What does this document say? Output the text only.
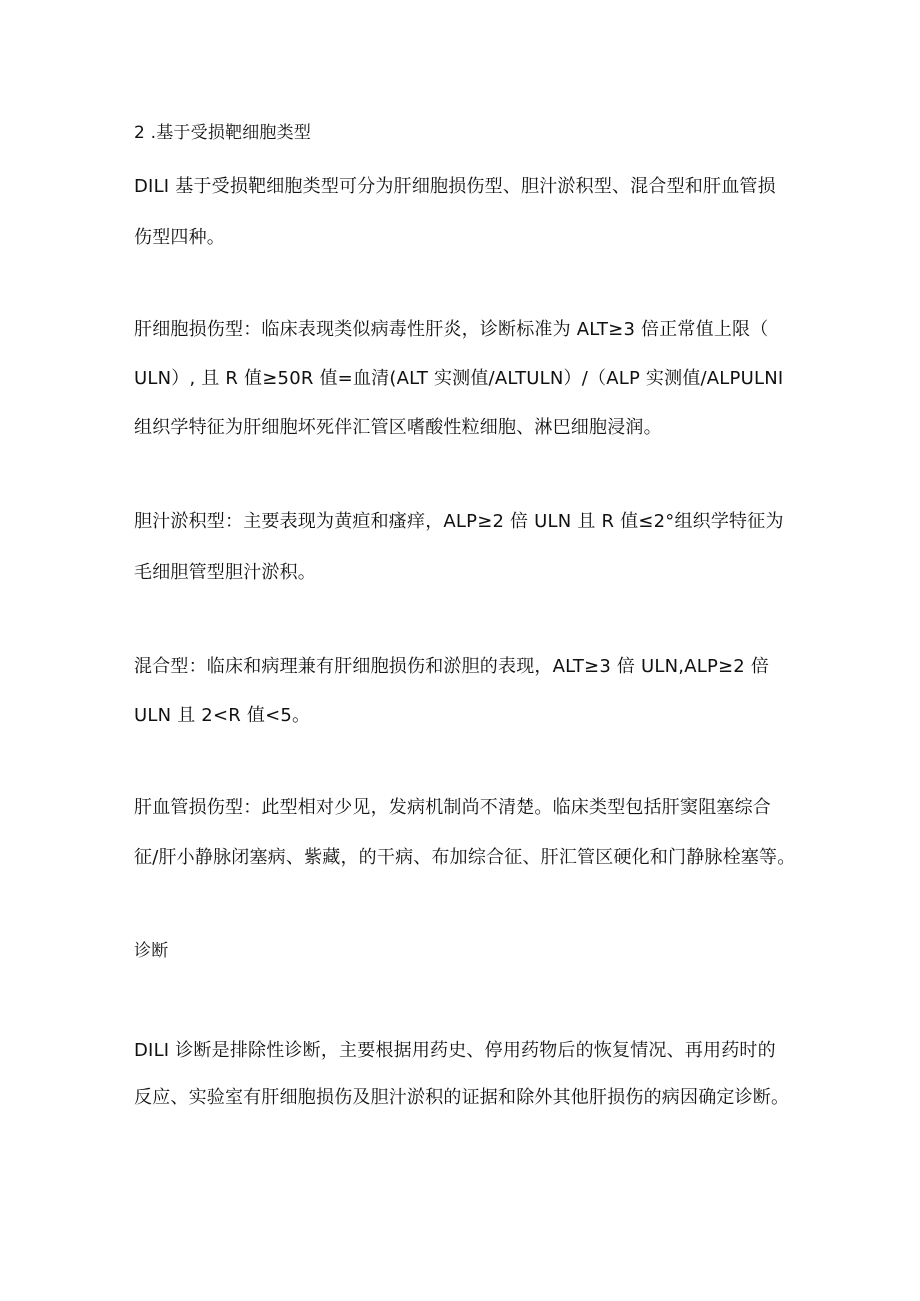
2 .基于受损靶细胞类型
DILI 基于受损靶细胞类型可分为肝细胞损伤型、胆汁淤积型、混合型和肝血管损
伤型四种。
肝细胞损伤型：临床表现类似病毒性肝炎，诊断标准为 ALT≥3 倍正常值上限（
ULN）, 且 R 值≥50R 值=血清(ALT 实测值/ALTULN）/（ALP 实测值/ALPULNI
组织学特征为肝细胞坏死伴汇管区嗜酸性粒细胞、淋巴细胞浸润。
胆汁淤积型：主要表现为黄疸和瘙痒，ALP≥2 倍 ULN 且 R 值≤2°组织学特征为
毛细胆管型胆汁淤积。
混合型：临床和病理兼有肝细胞损伤和淤胆的表现，ALT≥3 倍 ULN,ALP≥2 倍
ULN 且 2<R 值<5。
肝血管损伤型：此型相对少见，发病机制尚不清楚。临床类型包括肝窦阻塞综合
征/肝小静脉闭塞病、紫藏，的干病、布加综合征、肝汇管区硬化和门静脉栓塞等。
诊断
DILI 诊断是排除性诊断，主要根据用药史、停用药物后的恢复情况、再用药时的
反应、实验室有肝细胞损伤及胆汁淤积的证据和除外其他肝损伤的病因确定诊断。
